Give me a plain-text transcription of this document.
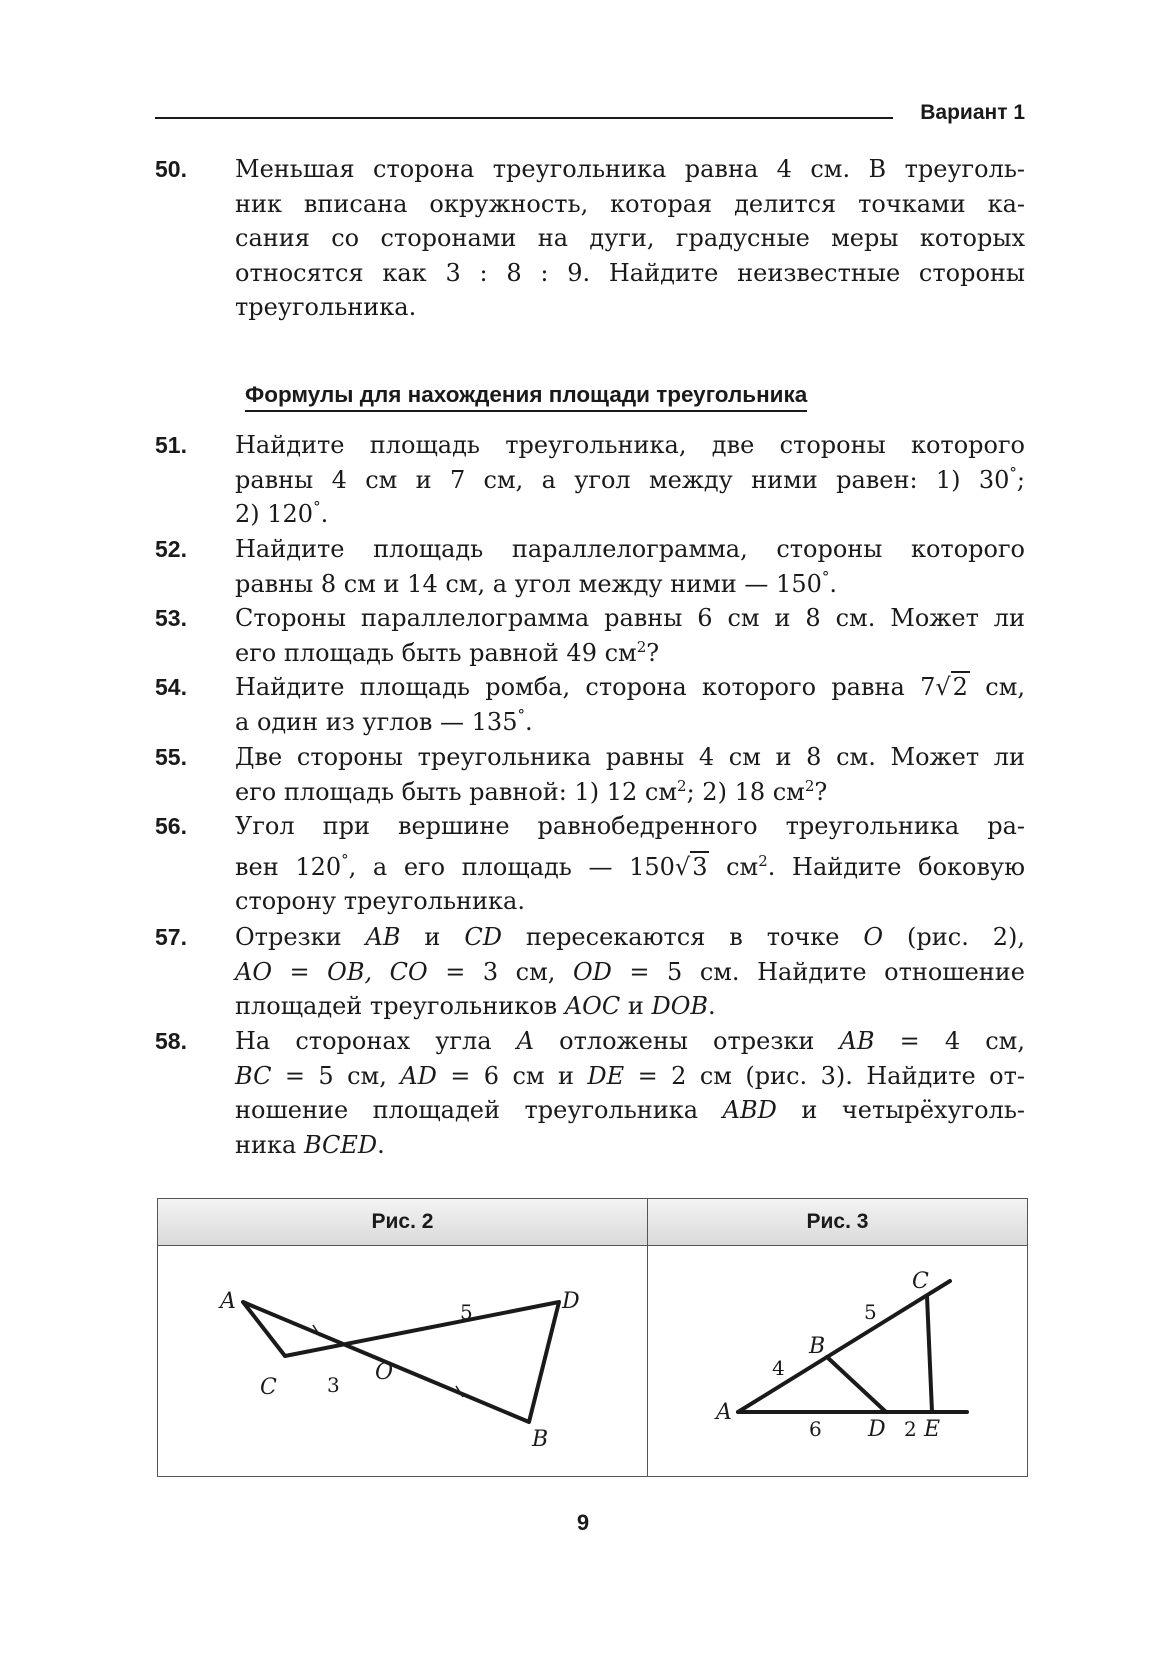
Вариант 1
50. Меньшая сторона треугольника равна 4 см. В треуголь-
ник вписана окружность, которая делится точками ка-
сания со сторонами на дуги, градусные меры которых
относятся как 3 : 8 : 9. Найдите неизвестные стороны
треугольника.
Формулы для нахождения площади треугольника
51. Найдите площадь треугольника, две стороны которого
равны 4 см и 7 см, а угол между ними равен: 1) 30°;
2) 120°.
52. Найдите площадь параллелограмма, стороны которого
равны 8 см и 14 см, а угол между ними — 150°.
53. Стороны параллелограмма равны 6 см и 8 см. Может ли
его площадь быть равной 49 $см^2$?
54. Найдите площадь ромба, сторона которого равна 7√2 см,
а один из углов — 135°.
55. Две стороны треугольника равны 4 см и 8 см. Может ли
его площадь быть равной: 1) 12 $см^2$; 2) 18 $см^2$?
56. Угол при вершине равнобедренного треугольника ра-
вен 120°, а его площадь — 150√3 $см^2$. Найдите боковую
сторону треугольника.
57. Отрезки AB и CD пересекаются в точке O (рис. 2),
AO = OB, CO = 3 см, OD = 5 см. Найдите отношение
площадей треугольников AOC и DOB.
58. На сторонах угла A отложены отрезки AB = 4 см,
BC = 5 см, AD = 6 см и DE = 2 см (рис. 3). Найдите от-
ношение площадей треугольника ABD и четырёхуголь-
ника BCED.
Рис. 2	Рис. 3
A
C
O
B
D
3
5
A
B
C
D E
4
5
6	2
9
